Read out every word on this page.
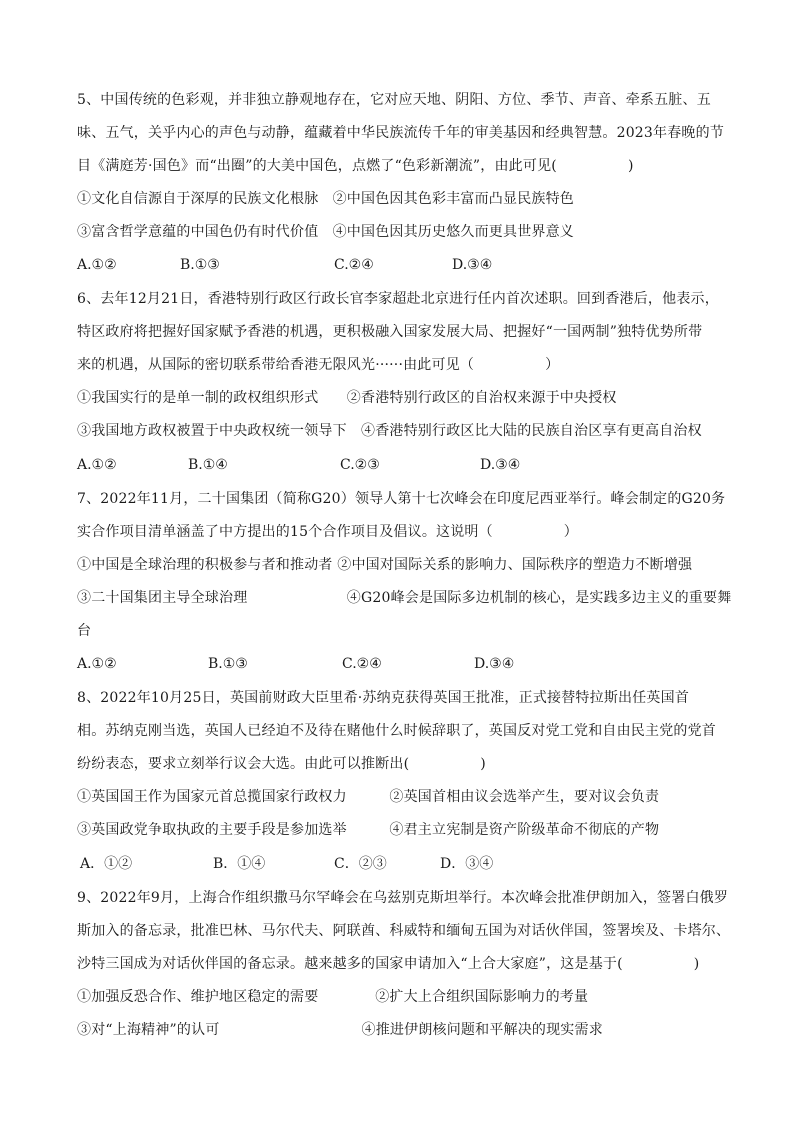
5、中国传统的色彩观，并非独立静观地存在，它对应天地、阴阳、方位、季节、声音、牵系五脏、五
味、五气，关乎内心的声色与动静，蕴藏着中华民族流传千年的审美基因和经典智慧。2023年春晚的节
目《满庭芳·国色》而“出圈”的大美中国色，点燃了“色彩新潮流”，由此可见(　　　　　)
①文化自信源自于深厚的民族文化根脉　②中国色因其色彩丰富而凸显民族特色
③富含哲学意蕴的中国色仍有时代价值　④中国色因其历史悠久而更具世界意义
A.①②	B.①③	C.②④	D.③④
6、去年12月21日，香港特别行政区行政长官李家超赴北京进行任内首次述职。回到香港后，他表示，
特区政府将把握好国家赋予香港的机遇，更积极融入国家发展大局、把握好“一国两制”独特优势所带
来的机遇，从国际的密切联系带给香港无限风光······由此可见（　　　　　）
①我国实行的是单一制的政权组织形式　　②香港特别行政区的自治权来源于中央授权
③我国地方政权被置于中央政权统一领导下　④香港特别行政区比大陆的民族自治区享有更高自治权
A.①②	B.①④	C.②③	D.③④
7、2022年11月，二十国集团（简称G20）领导人第十七次峰会在印度尼西亚举行。峰会制定的G20务
实合作项目清单涵盖了中方提出的15个合作项目及倡议。这说明（　　　　　）
①中国是全球治理的积极参与者和推动者 ②中国对国际关系的影响力、国际秩序的塑造力不断增强
③二十国集团主导全球治理　　　　　　　④G20峰会是国际多边机制的核心，是实践多边主义的重要舞
台
A.①②	B.①③	C.②④	D.③④
8、2022年10月25日，英国前财政大臣里希·苏纳克获得英国王批准，正式接替特拉斯出任英国首
相。苏纳克刚当选，英国人已经迫不及待在赌他什么时候辞职了，英国反对党工党和自由民主党的党首
纷纷表态，要求立刻举行议会大选。由此可以推断出(　　　　　)
①英国国王作为国家元首总揽国家行政权力　　　②英国首相由议会选举产生，要对议会负责
③英国政党争取执政的主要手段是参加选举　　　④君主立宪制是资产阶级革命不彻底的产物
A．①②	B．①④	C．②③	D．③④
9、2022年9月，上海合作组织撒马尔罕峰会在乌兹别克斯坦举行。本次峰会批准伊朗加入，签署白俄罗
斯加入的备忘录，批准巴林、马尔代夫、阿联酋、科威特和缅甸五国为对话伙伴国，签署埃及、卡塔尔、
沙特三国成为对话伙伴国的备忘录。越来越多的国家申请加入“上合大家庭”，这是基于(　　　　　)
①加强反恐合作、维护地区稳定的需要　　　　②扩大上合组织国际影响力的考量
③对“上海精神”的认可　　　　　　　　　　④推进伊朗核问题和平解决的现实需求
